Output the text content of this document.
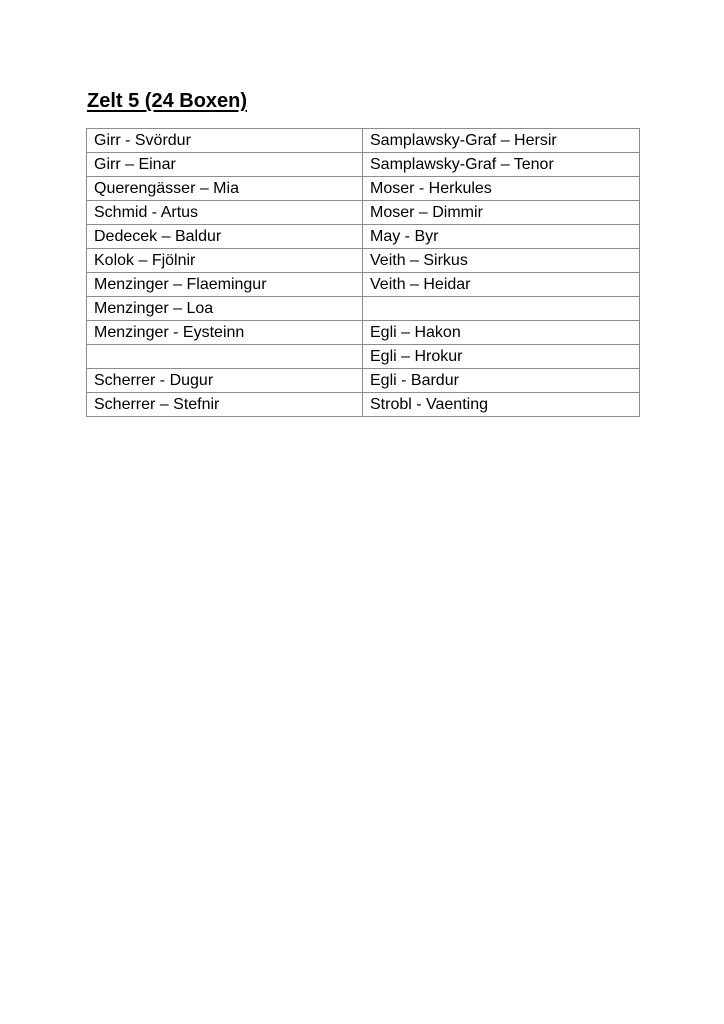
Zelt 5 (24 Boxen)
Girr - Svördur	Samplawsky-Graf – Hersir
Girr – Einar	Samplawsky-Graf – Tenor
Querengässer – Mia	Moser - Herkules
Schmid - Artus	Moser – Dimmir
Dedecek – Baldur	May - Byr
Kolok – Fjölnir	Veith – Sirkus
Menzinger – Flaemingur	Veith – Heidar
Menzinger – Loa	
Menzinger - Eysteinn	Egli – Hakon
	Egli – Hrokur
Scherrer - Dugur	Egli - Bardur
Scherrer – Stefnir	Strobl - Vaenting
